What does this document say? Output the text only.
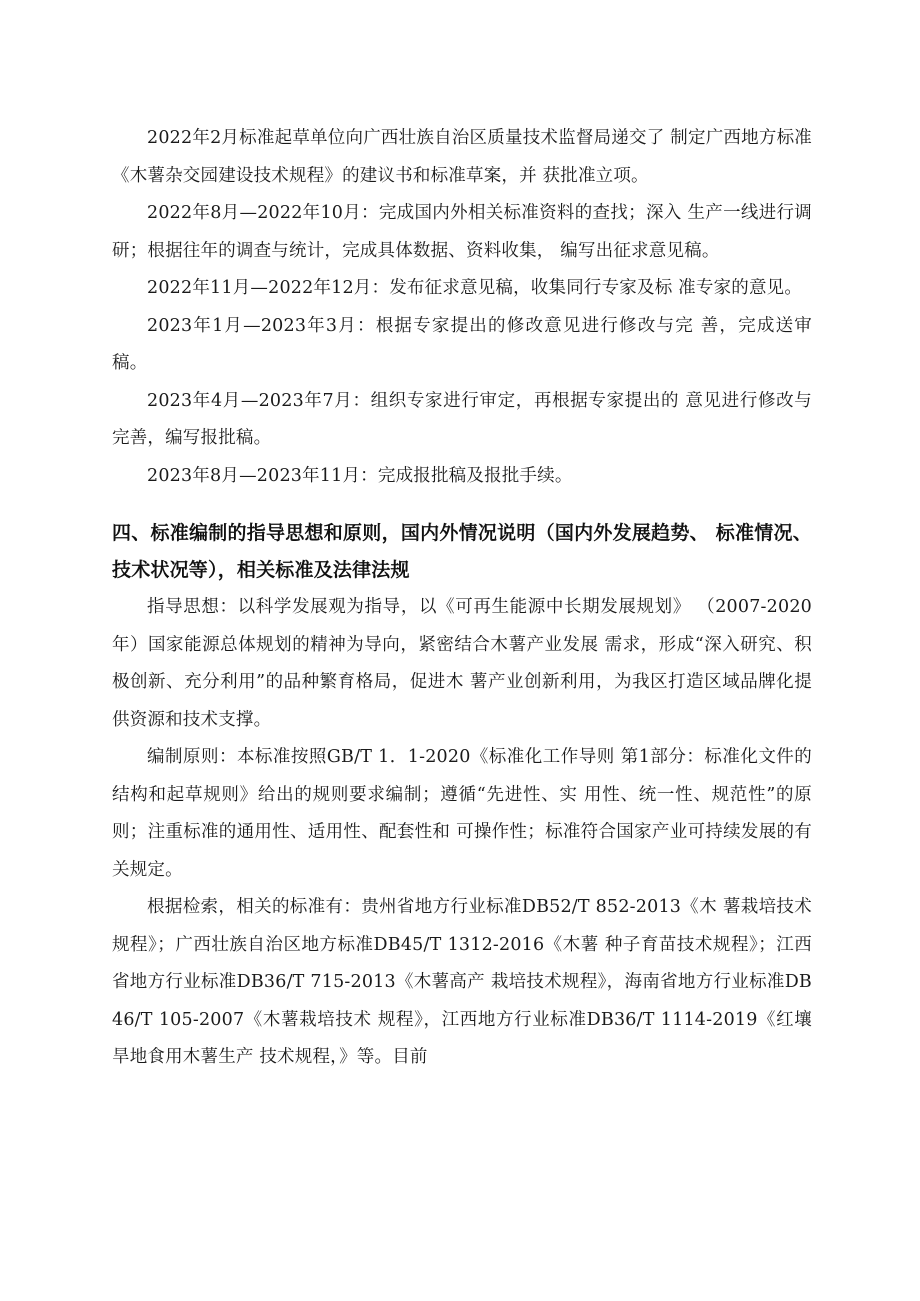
2022年2月标准起草单位向广西壮族自治区质量技术监督局递交了 制定广西地方标准《木薯杂交园建设技术规程》的建议书和标准草案，并 获批准立项。

2022年8月—2022年10月：完成国内外相关标准资料的查找；深入 生产一线进行调研；根据往年的调查与统计，完成具体数据、资料收集， 编写出征求意见稿。

2022年11月—2022年12月：发布征求意见稿，收集同行专家及标 准专家的意见。

2023年1月—2023年3月：根据专家提出的修改意见进行修改与完 善，完成送审稿。

2023年4月—2023年7月：组织专家进行审定，再根据专家提出的 意见进行修改与完善，编写报批稿。

2023年8月—2023年11月：完成报批稿及报批手续。

四、标准编制的指导思想和原则，国内外情况说明（国内外发展趋势、 标准情况、技术状况等），相关标准及法律法规

指导思想：以科学发展观为指导，以《可再生能源中长期发展规划》 （2007-2020年）国家能源总体规划的精神为导向，紧密结合木薯产业发展 需求，形成“深入研究、积极创新、充分利用”的品种繁育格局，促进木 薯产业创新利用，为我区打造区域品牌化提供资源和技术支撑。

编制原则：本标准按照GB/T 1．1-2020《标准化工作导则 第1部分：标准化文件的结构和起草规则》给出的规则要求编制；遵循“先进性、实 用性、统一性、规范性”的原则；注重标准的通用性、适用性、配套性和 可操作性；标准符合国家产业可持续发展的有关规定。

根据检索，相关的标准有：贵州省地方行业标准DB52/T 852-2013《木 薯栽培技术规程》；广西壮族自治区地方标准DB45/T 1312-2016《木薯 种子育苗技术规程》；江西省地方行业标准DB36/T 715-2013《木薯高产 栽培技术规程》，海南省地方行业标准DB46/T 105-2007《木薯栽培技术 规程》，江西地方行业标准DB36/T 1114-2019《红壤旱地食用木薯生产 技术规程，》等。目前
